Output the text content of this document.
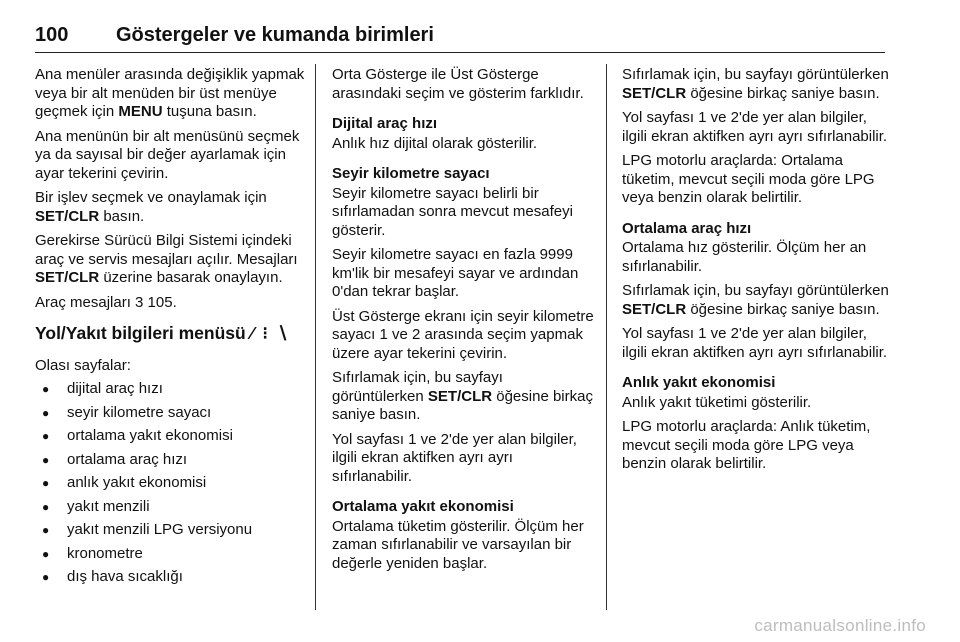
100 Göstergeler ve kumanda birimleri

Ana menüler arasında değişiklik yapmak veya bir alt menüden bir üst menüye geçmek için MENU tuşuna basın.

Ana menünün bir alt menüsünü seçmek ya da sayısal bir değer ayarlamak için ayar tekerini çevirin.

Bir işlev seçmek ve onaylamak için SET/CLR basın.

Gerekirse Sürücü Bilgi Sistemi içindeki araç ve servis mesajları açılır. Mesajları SET/CLR üzerine basarak onaylayın.

Araç mesajları 3 105.

Yol/Yakıt bilgileri menüsü ⁄ ⁝ ∖

Olası sayfalar:

● dijital araç hızı
● seyir kilometre sayacı
● ortalama yakıt ekonomisi
● ortalama araç hızı
● anlık yakıt ekonomisi
● yakıt menzili
● yakıt menzili LPG versiyonu
● kronometre
● dış hava sıcaklığı

Orta Gösterge ile Üst Gösterge arasındaki seçim ve gösterim farklıdır.

Dijital araç hızı

Anlık hız dijital olarak gösterilir.

Seyir kilometre sayacı

Seyir kilometre sayacı belirli bir sıfırlamadan sonra mevcut mesafeyi gösterir.

Seyir kilometre sayacı en fazla 9999 km'lik bir mesafeyi sayar ve ardından 0'dan tekrar başlar.

Üst Gösterge ekranı için seyir kilometre sayacı 1 ve 2 arasında seçim yapmak üzere ayar tekerini çevirin.

Sıfırlamak için, bu sayfayı görüntülerken SET/CLR öğesine birkaç saniye basın.

Yol sayfası 1 ve 2'de yer alan bilgiler, ilgili ekran aktifken ayrı ayrı sıfırlanabilir.

Ortalama yakıt ekonomisi

Ortalama tüketim gösterilir. Ölçüm her zaman sıfırlanabilir ve varsayılan bir değerle yeniden başlar.

Sıfırlamak için, bu sayfayı görüntülerken SET/CLR öğesine birkaç saniye basın.

Yol sayfası 1 ve 2'de yer alan bilgiler, ilgili ekran aktifken ayrı ayrı sıfırlanabilir.

LPG motorlu araçlarda: Ortalama tüketim, mevcut seçili moda göre LPG veya benzin olarak belirtilir.

Ortalama araç hızı

Ortalama hız gösterilir. Ölçüm her an sıfırlanabilir.

Sıfırlamak için, bu sayfayı görüntülerken SET/CLR öğesine birkaç saniye basın.

Yol sayfası 1 ve 2'de yer alan bilgiler, ilgili ekran aktifken ayrı ayrı sıfırlanabilir.

Anlık yakıt ekonomisi

Anlık yakıt tüketimi gösterilir.

LPG motorlu araçlarda: Anlık tüketim, mevcut seçili moda göre LPG veya benzin olarak belirtilir.

carmanualsonline.info
